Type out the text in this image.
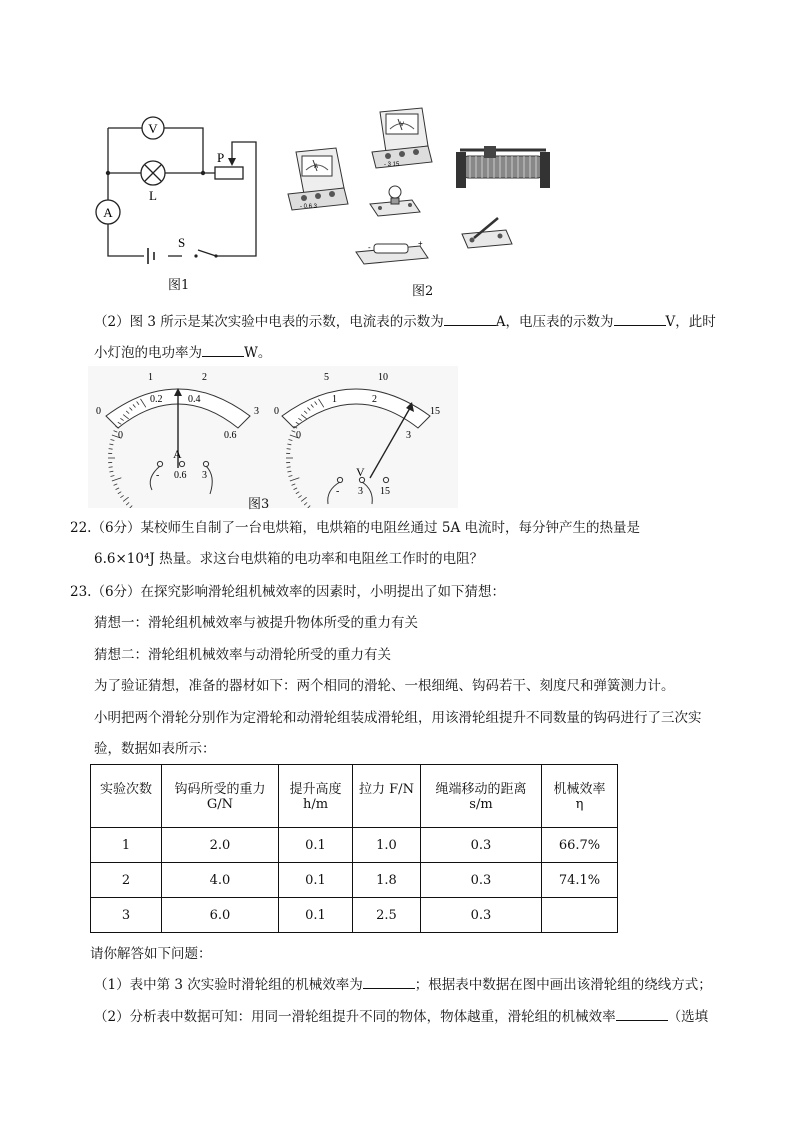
V
L
A
P
S
图1
A
- 0.6 3
V
- 3 15
-	+
图2
（2）图 3 所示是某次实验中电表的示数，电流表的示数为	A，电压表的示数为	V，此时
小灯泡的电功率为	W。
0
1	2
3
0
0.2	0.4
0.6
A
- 0.6 3
0
5	10
15
0
1	2
3
V
- 3 15
图3
22.（6分）某校师生自制了一台电烘箱，电烘箱的电阻丝通过 5A 电流时，每分钟产生的热量是
6.6×10⁴J 热量。求这台电烘箱的电功率和电阻丝工作时的电阻？
23.（6分）在探究影响滑轮组机械效率的因素时，小明提出了如下猜想：
猜想一：滑轮组机械效率与被提升物体所受的重力有关
猜想二：滑轮组机械效率与动滑轮所受的重力有关
为了验证猜想，准备的器材如下：两个相同的滑轮、一根细绳、钩码若干、刻度尺和弹簧测力计。
小明把两个滑轮分别作为定滑轮和动滑轮组装成滑轮组，用该滑轮组提升不同数量的钩码进行了三次实
验，数据如表所示：
实验次数	钩码所受的重力	提升高度	拉力 F/N	绳端移动的距离	机械效率
	G/N	h/m		s/m	η
1	2.0	0.1	1.0	0.3	66.7%
2	4.0	0.1	1.8	0.3	74.1%
3	6.0	0.1	2.5	0.3	
请你解答如下问题：
（1）表中第 3 次实验时滑轮组的机械效率为	；根据表中数据在图中画出该滑轮组的绕线方式；
（2）分析表中数据可知：用同一滑轮组提升不同的物体，物体越重，滑轮组的机械效率	（选填
